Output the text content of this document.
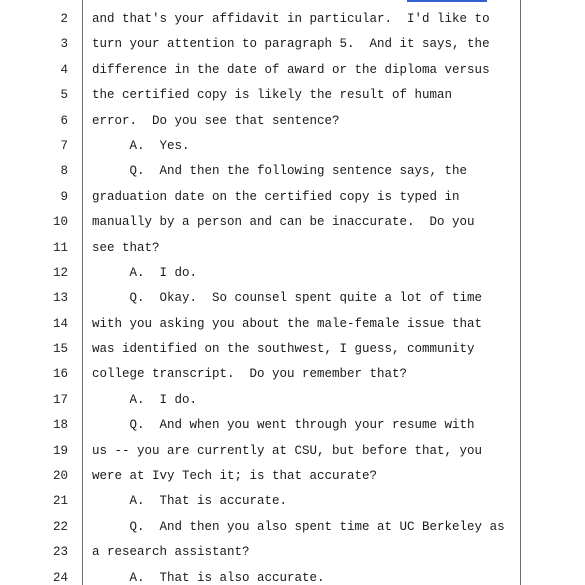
2 and that's your affidavit in particular.  I'd like to
3 turn your attention to paragraph 5.  And it says, the
4 difference in the date of award or the diploma versus
5 the certified copy is likely the result of human
6 error.  Do you see that sentence?
7 A.  Yes.
8 Q.  And then the following sentence says, the
9 graduation date on the certified copy is typed in
10 manually by a person and can be inaccurate.  Do you
11 see that?
12 A.  I do.
13 Q.  Okay.  So counsel spent quite a lot of time
14 with you asking you about the male-female issue that
15 was identified on the southwest, I guess, community
16 college transcript.  Do you remember that?
17 A.  I do.
18 Q.  And when you went through your resume with
19 us -- you are currently at CSU, but before that, you
20 were at Ivy Tech it; is that accurate?
21 A.  That is accurate.
22 Q.  And then you also spent time at UC Berkeley as
23 a research assistant?
24 A.  That is also accurate.
